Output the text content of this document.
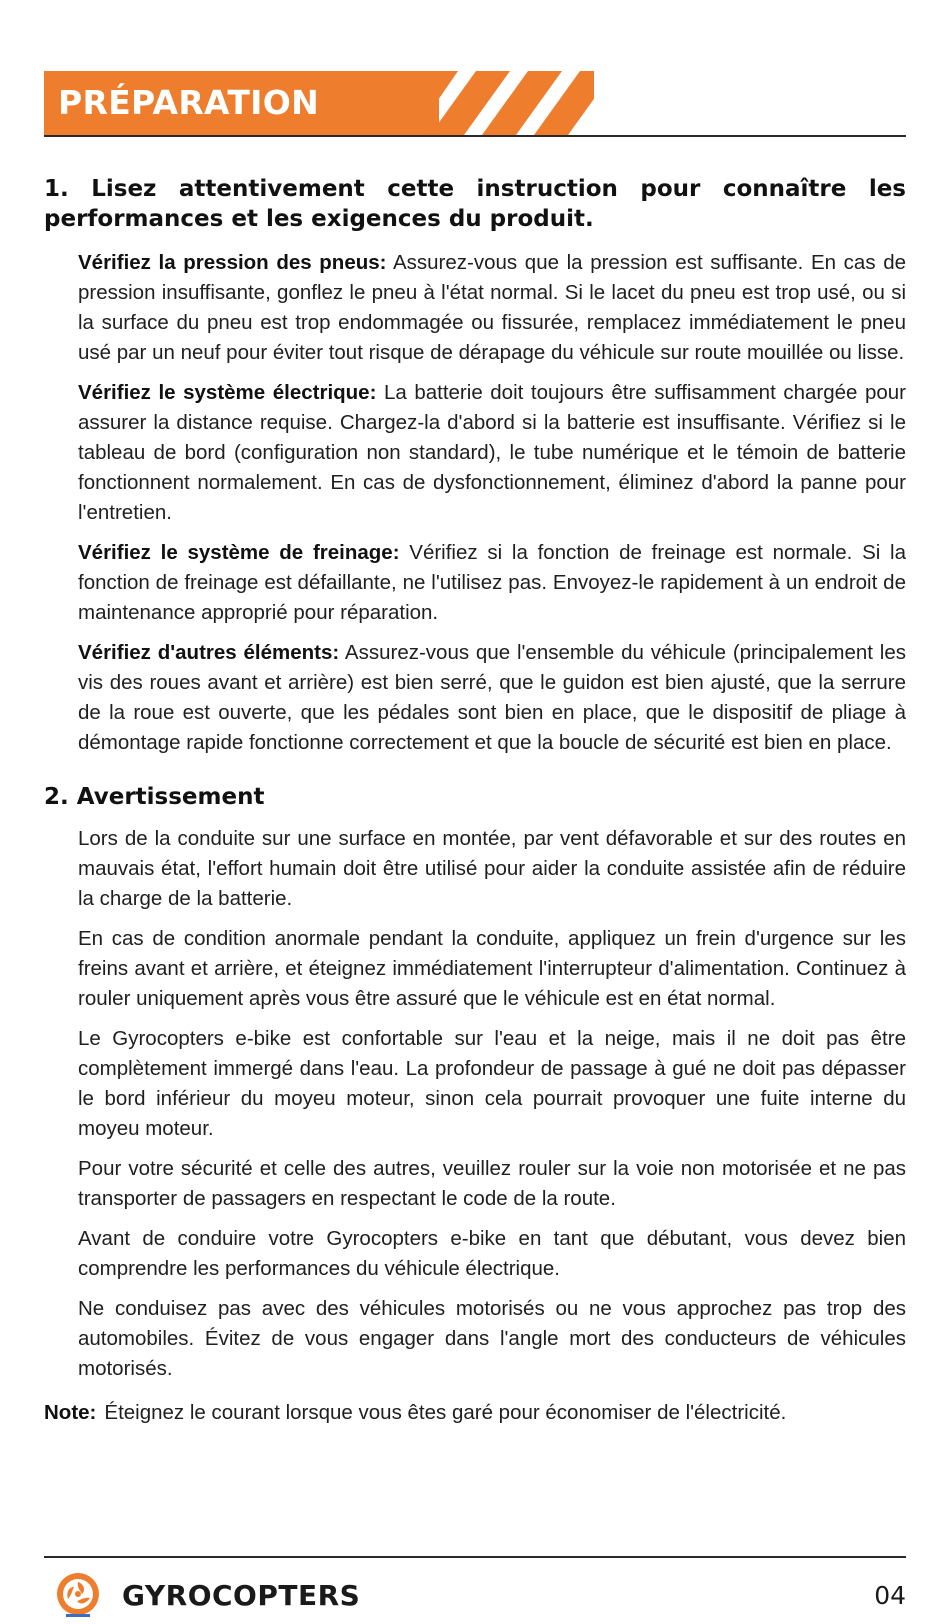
PRÉPARATION
1. Lisez attentivement cette instruction pour connaître les performances et les exigences du produit.

Vérifiez la pression des pneus: Assurez-vous que la pression est suffisante. En cas de pression insuffisante, gonflez le pneu à l'état normal. Si le lacet du pneu est trop usé, ou si la surface du pneu est trop endommagée ou fissurée, remplacez immédiatement le pneu usé par un neuf pour éviter tout risque de dérapage du véhicule sur route mouillée ou lisse.

Vérifiez le système électrique: La batterie doit toujours être suffisamment chargée pour assurer la distance requise. Chargez-la d'abord si la batterie est insuffisante. Vérifiez si le tableau de bord (configuration non standard), le tube numérique et le témoin de batterie fonctionnent normalement. En cas de dysfonctionnement, éliminez d'abord la panne pour l'entretien.

Vérifiez le système de freinage: Vérifiez si la fonction de freinage est normale. Si la fonction de freinage est défaillante, ne l'utilisez pas. Envoyez-le rapidement à un endroit de maintenance approprié pour réparation.

Vérifiez d'autres éléments: Assurez-vous que l'ensemble du véhicule (principalement les vis des roues avant et arrière) est bien serré, que le guidon est bien ajusté, que la serrure de la roue est ouverte, que les pédales sont bien en place, que le dispositif de pliage à démontage rapide fonctionne correctement et que la boucle de sécurité est bien en place.

2. Avertissement

Lors de la conduite sur une surface en montée, par vent défavorable et sur des routes en mauvais état, l'effort humain doit être utilisé pour aider la conduite assistée afin de réduire la charge de la batterie.

En cas de condition anormale pendant la conduite, appliquez un frein d'urgence sur les freins avant et arrière, et éteignez immédiatement l'interrupteur d'alimentation. Continuez à rouler uniquement après vous être assuré que le véhicule est en état normal.

Le Gyrocopters e-bike est confortable sur l'eau et la neige, mais il ne doit pas être complètement immergé dans l'eau. La profondeur de passage à gué ne doit pas dépasser le bord inférieur du moyeu moteur, sinon cela pourrait provoquer une fuite interne du moyeu moteur.

Pour votre sécurité et celle des autres, veuillez rouler sur la voie non motorisée et ne pas transporter de passagers en respectant le code de la route.

Avant de conduire votre Gyrocopters e-bike en tant que débutant, vous devez bien comprendre les performances du véhicule électrique.

Ne conduisez pas avec des véhicules motorisés ou ne vous approchez pas trop des automobiles. Évitez de vous engager dans l'angle mort des conducteurs de véhicules motorisés.

Note: Éteignez le courant lorsque vous êtes garé pour économiser de l'électricité.

GYROCOPTERS	04
